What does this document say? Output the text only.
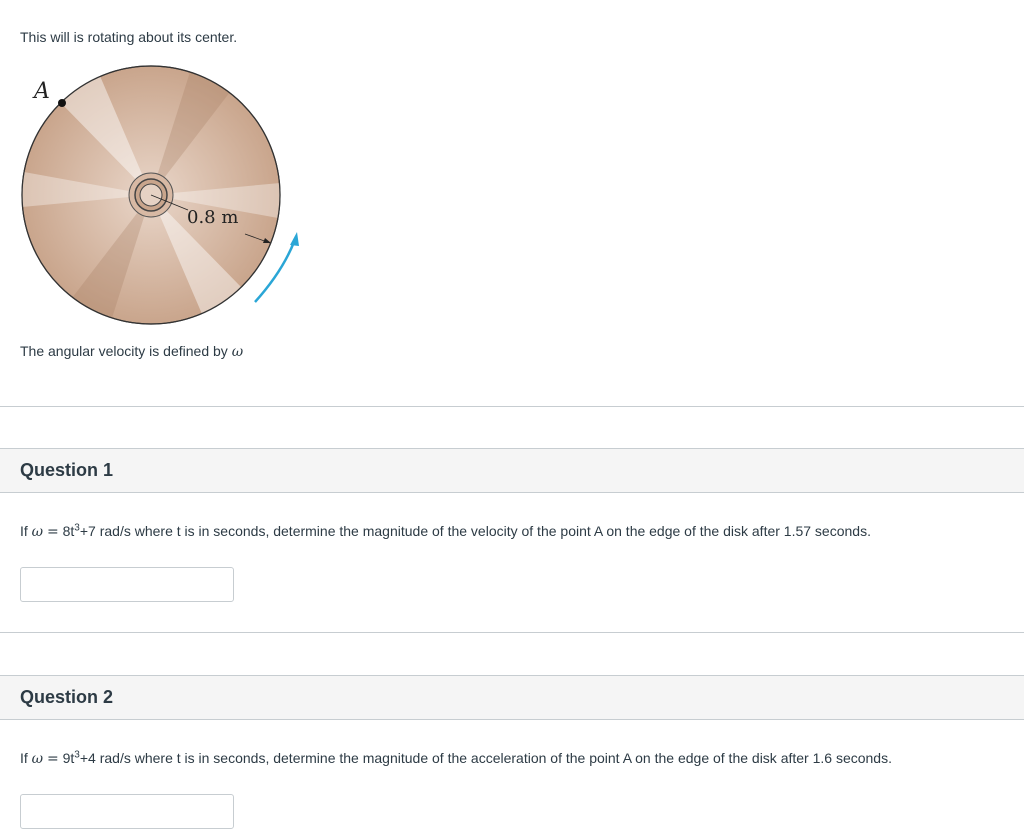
This will is rotating about its center.
0.8 m
A
The angular velocity is defined by ω
Question 1
If $\omega = 8t^3+7$ rad/s where t is in seconds, determine the magnitude of the velocity of the point A on the edge of the disk after 1.57 seconds.
Question 2
If $\omega = 9t^3+4$ rad/s where t is in seconds, determine the magnitude of the acceleration of the point A on the edge of the disk after 1.6 seconds.
